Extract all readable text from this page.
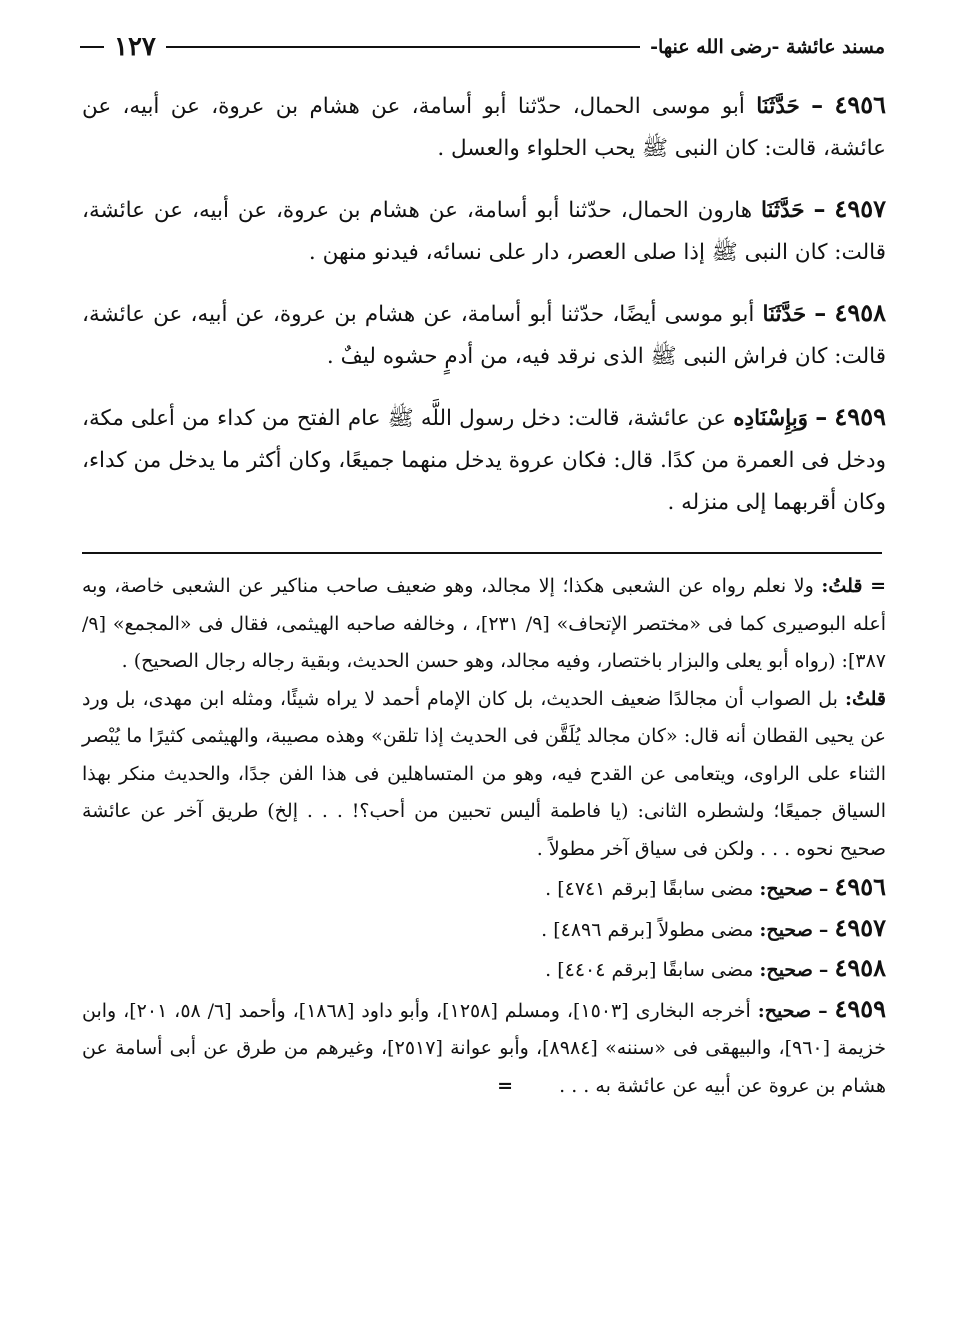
مسند عائشة -رضى الله عنها-
١٢٧

٤٩٥٦ – حَدَّثَنَا أبو موسى الحمال، حدّثنا أبو أسامة، عن هشام بن عروة، عن أبيه، عن عائشة، قالت: كان النبى ﷺ يحب الحلواء والعسل .

٤٩٥٧ – حَدَّثَنَا هارون الحمال، حدّثنا أبو أسامة، عن هشام بن عروة، عن أبيه، عن عائشة، قالت: كان النبى ﷺ إذا صلى العصر، دار على نسائه، فيدنو منهن .

٤٩٥٨ – حَدَّثَنَا أبو موسى أيضًا، حدّثنا أبو أسامة، عن هشام بن عروة، عن أبيه، عن عائشة، قالت: كان فراش النبى ﷺ الذى نرقد فيه، من أدمٍ حشوه ليفٌ .

٤٩٥٩ – وَبِإِسْنَادِه عن عائشة، قالت: دخل رسول اللَّه ﷺ عام الفتح من كداء من أعلى مكة، ودخل فى العمرة من كدًا. قال: فكان عروة يدخل منهما جميعًا، وكان أكثر ما يدخل من كداء، وكان أقربهما إلى منزله .

= قلتُ: ولا نعلم رواه عن الشعبى هكذا؛ إلا مجالد، وهو ضعيف صاحب مناكير عن الشعبى خاصة، وبه أعله البوصيرى كما فى «مختصر الإتحاف» [٩/ ٢٣١]، ، وخالفه صاحبه الهيثمى، فقال فى «المجمع» [٩/ ٣٨٧]: (رواه أبو يعلى والبزار باختصار، وفيه مجالد، وهو حسن الحديث، وبقية رجاله رجال الصحيح) .

قلتُ: بل الصواب أن مجالدًا ضعيف الحديث، بل كان الإمام أحمد لا يراه شيئًا، ومثله ابن مهدى، بل ورد عن يحيى القطان أنه قال: «كان مجالد يُلَقَّن فى الحديث إذا تلقن» وهذه مصيبة، والهيثمى كثيرًا ما يُبْصر الثناء على الراوى، ويتعامى عن القدح فيه، وهو من المتساهلين فى هذا الفن جدًا، والحديث منكر بهذا السياق جميعًا؛ ولشطره الثانى: (يا فاطمة أليس تحبين من أحب؟! . . . إلخ) طريق آخر عن عائشة صحيح نحوه . . . ولكن فى سياق آخر مطولاً .

٤٩٥٦ – صحيح: مضى سابقًا [برقم ٤٧٤١] .

٤٩٥٧ – صحيح: مضى مطولاً [برقم ٤٨٩٦] .

٤٩٥٨ – صحيح: مضى سابقًا [برقم ٤٤٠٤] .

٤٩٥٩ – صحيح: أخرجه البخارى [١٥٠٣]، ومسلم [١٢٥٨]، وأبو داود [١٨٦٨]، وأحمد [٦/ ٥٨، ٢٠١]، وابن خزيمة [٩٦٠]، والبيهقى فى «سننه» [٨٩٨٤]، وأبو عوانة [٢٥١٧]، وغيرهم من طرق عن أبى أسامة عن هشام بن عروة عن أبيه عن عائشة به . . . =
